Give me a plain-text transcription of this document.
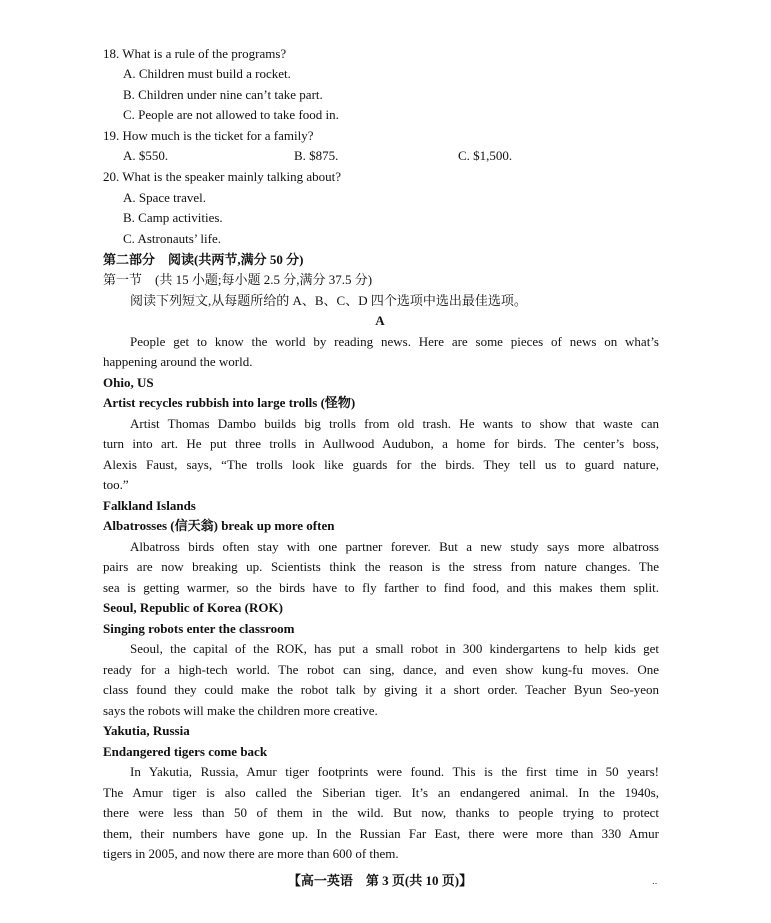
18. What is a rule of the programs?
A. Children must build a rocket.
B. Children under nine can’t take part.
C. People are not allowed to take food in.
19. How much is the ticket for a family?
A. $550.	B. $875.	C. $1,500.
20. What is the speaker mainly talking about?
A. Space travel.
B. Camp activities.
C. Astronauts’ life.
第二部分　阅读(共两节,满分 50 分)
第一节　(共 15 小题;每小题 2.5 分,满分 37.5 分)
阅读下列短文,从每题所给的 A、B、C、D 四个选项中选出最佳选项。
A
People get to know the world by reading news. Here are some pieces of news on what’s
happening around the world.
Ohio, US
Artist recycles rubbish into large trolls (怪物)
Artist Thomas Dambo builds big trolls from old trash. He wants to show that waste can
turn into art. He put three trolls in Aullwood Audubon, a home for birds. The center’s boss,
Alexis Faust, says, “The trolls look like guards for the birds. They tell us to guard nature,
too.”
Falkland Islands
Albatrosses (信天翁) break up more often
Albatross birds often stay with one partner forever. But a new study says more albatross
pairs are now breaking up. Scientists think the reason is the stress from nature changes. The
sea is getting warmer, so the birds have to fly farther to find food, and this makes them split.
Seoul, Republic of Korea (ROK)
Singing robots enter the classroom
Seoul, the capital of the ROK, has put a small robot in 300 kindergartens to help kids get
ready for a high-tech world. The robot can sing, dance, and even show kung-fu moves. One
class found they could make the robot talk by giving it a short order. Teacher Byun Seo-yeon
says the robots will make the children more creative.
Yakutia, Russia
Endangered tigers come back
In Yakutia, Russia, Amur tiger footprints were found. This is the first time in 50 years!
The Amur tiger is also called the Siberian tiger. It’s an endangered animal. In the 1940s,
there were less than 50 of them in the wild. But now, thanks to people trying to protect
them, their numbers have gone up. In the Russian Far East, there were more than 330 Amur
tigers in 2005, and now there are more than 600 of them.
【高一英语　第 3 页(共 10 页)】	‥
